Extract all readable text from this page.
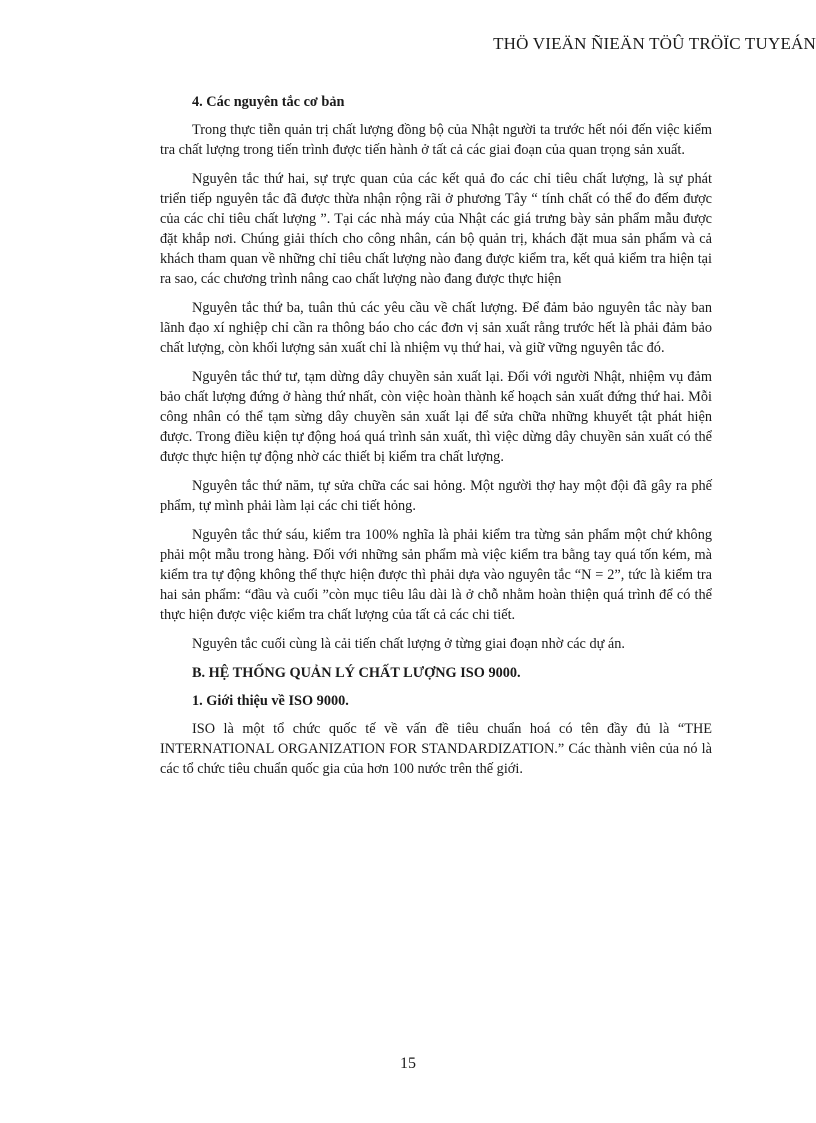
THÖ VIEÄN ÑIEÄN TÖÛ TRÖÏC TUYEÁN
4. Các nguyên tắc cơ bản
Trong thực tiễn quản trị chất lượng đồng bộ của Nhật người ta trước hết nói đến việc kiểm tra chất lượng trong tiến trình được tiến hành ở tất cả các giai đoạn của quan trọng sản xuất.
Nguyên tắc thứ hai, sự trực quan của các kết quả đo các chỉ tiêu chất lượng, là sự phát triển tiếp nguyên tắc đã được thừa nhận rộng rãi ở phương Tây “ tính chất có thể đo đếm được của các chỉ tiêu chất lượng ”. Tại các nhà máy của Nhật các giá trưng bày sản phẩm mẫu được đặt khắp nơi. Chúng giải thích cho công nhân, cán bộ quản trị, khách đặt mua sản phẩm và cả khách tham quan về những chỉ tiêu chất lượng nào đang được kiểm tra, kết quả kiểm tra hiện tại ra sao, các chương trình nâng cao chất lượng nào đang được thực hiện
Nguyên tắc thứ ba, tuân thủ các yêu cầu về chất lượng. Để đảm bảo nguyên tắc này ban lãnh đạo xí nghiệp chỉ cần ra thông báo cho các đơn vị sản xuất rằng trước hết là phải đảm bảo chất lượng, còn khối lượng sản xuất chỉ là nhiệm vụ thứ hai, và giữ vững nguyên tắc đó.
Nguyên tắc thứ tư, tạm dừng dây chuyền sản xuất lại. Đối với người Nhật, nhiệm vụ đảm bảo chất lượng đứng ở hàng thứ nhất, còn việc hoàn thành kế hoạch sản xuất đứng thứ hai. Mỗi công nhân có thể tạm sừng dây chuyền sản xuất lại để sửa chữa những khuyết tật phát hiện được. Trong điều kiện tự động hoá quá trình sản xuất, thì việc dừng dây chuyền sản xuất có thể được thực hiện tự động nhờ các thiết bị kiểm tra chất lượng.
Nguyên tắc thứ năm, tự sửa chữa các sai hỏng. Một người thợ hay một đội đã gây ra phế phẩm, tự mình phải làm lại các chi tiết hỏng.
Nguyên tắc thứ sáu, kiểm tra 100% nghĩa là phải kiểm tra từng sản phẩm một chứ không phải một mẫu trong hàng. Đối với những sản phẩm mà việc kiểm tra bằng tay quá tốn kém, mà kiểm tra tự động không thể thực hiện được thì phải dựa vào nguyên tắc “N = 2”, tức là kiểm tra hai sản phẩm: “đầu và cuối ”còn mục tiêu lâu dài là ở chỗ nhằm hoàn thiện quá trình để có thể thực hiện được việc kiểm tra chất lượng của tất cả các chi tiết.
Nguyên tắc cuối cùng là cải tiến chất lượng ở từng giai đoạn nhờ các dự án.
B. HỆ THỐNG QUẢN LÝ CHẤT LƯỢNG ISO 9000.
1. Giới thiệu về ISO 9000.
ISO là một tổ chức quốc tế về vấn đề tiêu chuẩn hoá có tên đầy đủ là “THE INTERNATIONAL ORGANIZATION FOR STANDARDIZATION.” Các thành viên của nó là các tổ chức tiêu chuẩn quốc gia của hơn 100 nước trên thế giới.
15
